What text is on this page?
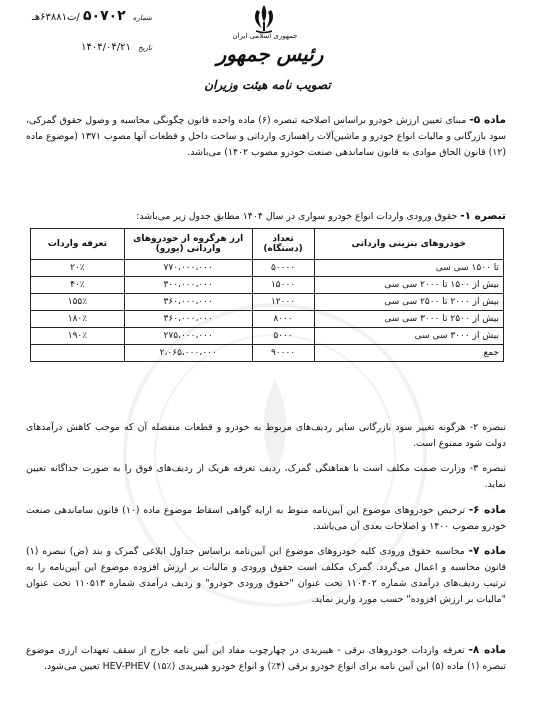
جمهوری اسلامی ایران
رئیس جمهور
تصویب نامه هیئت وزیران
شماره ۵۰۷۰۲ /ت۶۳۸۸۱هـ
تاریخ ۱۴۰۴/۰۴/۲۱

ماده ۵- مبنای تعیین ارزش خودرو براساس اصلاحیه تبصره (۶) ماده واحده قانون چگونگی محاسبه و وصول حقوق گمرکی، سود بازرگانی و مالیات انواع خودرو و ماشین‌آلات راهسازی وارداتی و ساخت داخل و قطعات آنها مصوب ۱۳۷۱ (موضوع ماده (۱۲) قانون الحاق موادی به قانون ساماندهی صنعت خودرو مصوب ۱۴۰۲) می‌باشد.

تبصره ۱- حقوق ورودی واردات انواع خودرو سواری در سال ۱۴۰۴ مطابق جدول زیر می‌باشد:

خودروهای بنزینی وارداتی	تعداد (دستگاه)	ارز هرگروه از خودروهای وارداتی (یورو)	تعرفه واردات
تا ۱۵۰۰ سی سی	۵۰۰۰۰	۷۷۰،۰۰۰،۰۰۰	۲۰٪
بیش از ۱۵۰۰ تا ۲۰۰۰ سی سی	۱۵۰۰۰	۳۰۰،۰۰۰،۰۰۰	۴۰٪
بیش از ۲۰۰۰ تا ۲۵۰۰ سی سی	۱۲۰۰۰	۳۶۰،۰۰۰،۰۰۰	۱۵۵٪
بیش از ۲۵۰۰ تا ۳۰۰۰ سی سی	۸۰۰۰	۳۶۰،۰۰۰،۰۰۰	۱۸۰٪
بیش از ۳۰۰۰ سی سی	۵۰۰۰	۲۷۵،۰۰۰،۰۰۰	۱۹۰٪
جمع	۹۰۰۰۰	۲،۰۶۵،۰۰۰،۰۰۰	

تبصره ۲- هرگونه تغییر سود بازرگانی سایر ردیف‌های مربوط به خودرو و قطعات منفصله آن که موجب کاهش درآمدهای دولت شود ممنوع است.

تبصره ۳- وزارت صمت مکلف است با هماهنگی گمرک، ردیف تعرفه هریک از ردیف‌های فوق را به صورت جداگانه تعیین نماید.

ماده ۶- ترخیص خودروهای موضوع این آیین‌نامه منوط به ارایه گواهی اسقاط موضوع ماده (۱۰) قانون ساماندهی صنعت خودرو مصوب ۱۴۰۰ و اصلاحات بعدی آن می‌باشد.

ماده ۷- محاسبه حقوق ورودی کلیه خودروهای موضوع این آیین‌نامه براساس جداول ابلاغی گمرک و بند (ض) تبصره (۱) قانون محاسبه و اعمال می‌گردد. گمرک مکلف است حقوق ورودی و مالیات بر ارزش افزوده موضوع این آیین‌نامه را به ترتیب ردیف‌های درآمدی شماره ۱۱۰۴۰۲ تحت عنوان "حقوق ورودی خودرو" و ردیف درآمدی شماره ۱۱۰۵۱۳ تحت عنوان "مالیات بر ارزش افزوده" حسب مورد واریز نماید.

ماده ۸- تعرفه واردات خودروهای برقی - هیبریدی در چهارچوب مفاد این آیین نامه خارج از سقف تعهدات ارزی موضوع تبصره (۱) ماده (۵) این آیین نامه برای انواع خودرو برقی (۴٪) و انواع خودرو هیبریدی HEV-PHEV (۱۵٪) تعیین می‌شود.
